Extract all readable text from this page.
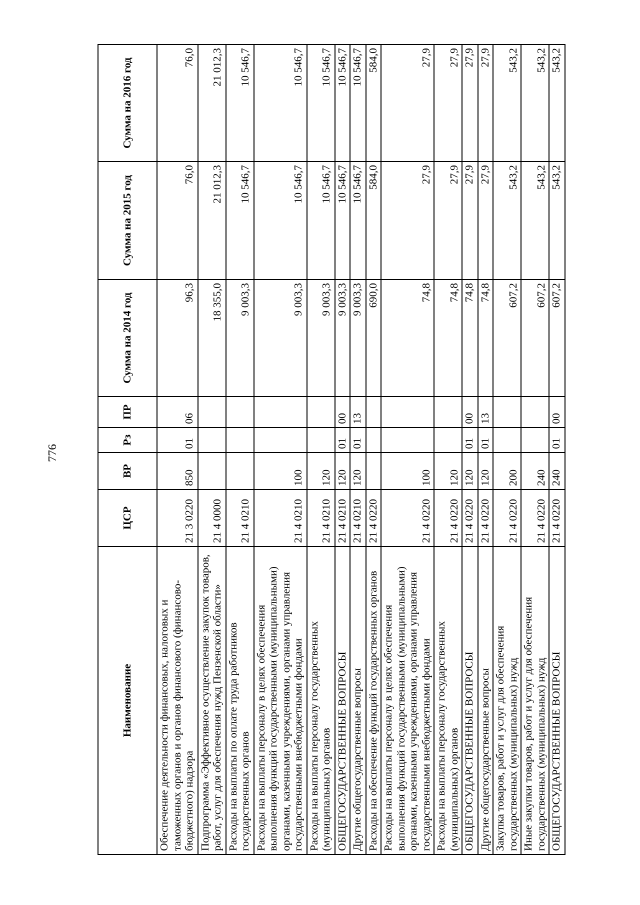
776
Наименование	ЦСР	ВР	Рз	ПР	Сумма на 2014 год	Сумма на 2015 год	Сумма на 2016 год
Обеспечение деятельности финансовых, налоговых и таможенных органов и органов финансового (финансово-бюджетного) надзора	21 3 0220	850	01	06	96,3	76,0	76,0
Подпрограмма «Эффективное осуществление закупок товаров, работ, услуг для обеспечения нужд Пензенской области»	21 4 0000				18 355,0	21 012,3	21 012,3
Расходы на выплаты по оплате труда работников государственных органов	21 4 0210				9 003,3	10 546,7	10 546,7
Расходы на выплаты персоналу в целях обеспечения выполнения функций государственными (муниципальными) органами, казенными учреждениями, органами управления государственными внебюджетными фондами	21 4 0210	100			9 003,3	10 546,7	10 546,7
Расходы на выплаты персоналу государственных (муниципальных) органов	21 4 0210	120			9 003,3	10 546,7	10 546,7
ОБЩЕГОСУДАРСТВЕННЫЕ ВОПРОСЫ	21 4 0210	120	01	00	9 003,3	10 546,7	10 546,7
Другие общегосударственные вопросы	21 4 0210	120	01	13	9 003,3	10 546,7	10 546,7
Расходы на обеспечение функций государственных органов	21 4 0220				690,0	584,0	584,0
Расходы на выплаты персоналу в целях обеспечения выполнения функций государственными (муниципальными) органами, казенными учреждениями, органами управления государственными внебюджетными фондами	21 4 0220	100			74,8	27,9	27,9
Расходы на выплаты персоналу государственных (муниципальных) органов	21 4 0220	120			74,8	27,9	27,9
ОБЩЕГОСУДАРСТВЕННЫЕ ВОПРОСЫ	21 4 0220	120	01	00	74,8	27,9	27,9
Другие общегосударственные вопросы	21 4 0220	120	01	13	74,8	27,9	27,9
Закупка товаров, работ и услуг для обеспечения государственных (муниципальных) нужд	21 4 0220	200			607,2	543,2	543,2
Иные закупки товаров, работ и услуг для обеспечения государственных (муниципальных) нужд	21 4 0220	240			607,2	543,2	543,2
ОБЩЕГОСУДАРСТВЕННЫЕ ВОПРОСЫ	21 4 0220	240	01	00	607,2	543,2	543,2
